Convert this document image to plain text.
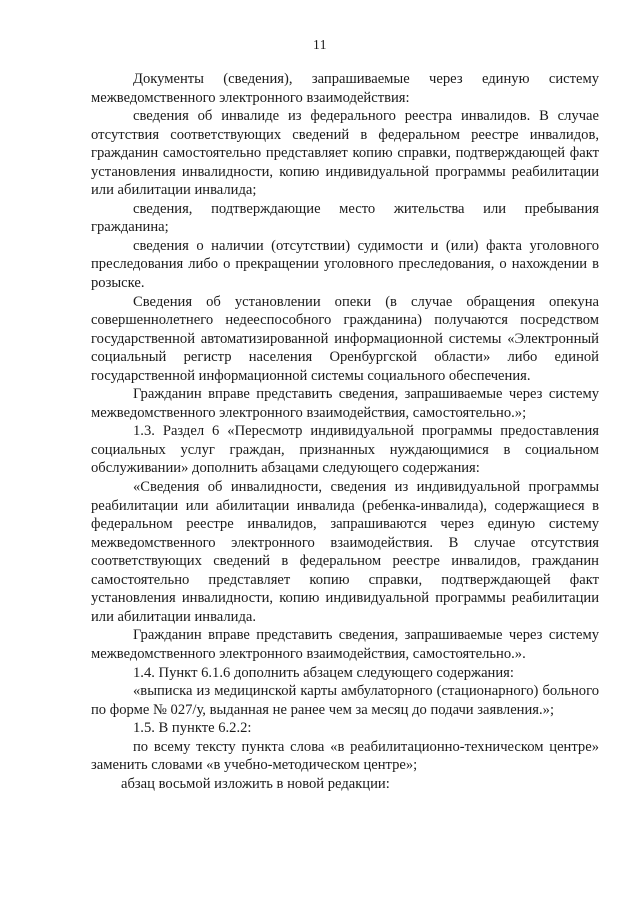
11

Документы (сведения), запрашиваемые через единую систему межведомственного электронного взаимодействия:

сведения об инвалиде из федерального реестра инвалидов. В случае отсутствия соответствующих сведений в федеральном реестре инвалидов, гражданин самостоятельно представляет копию справки, подтверждающей факт установления инвалидности, копию индивидуальной программы реабилитации или абилитации инвалида;

сведения, подтверждающие место жительства или пребывания гражданина;

сведения о наличии (отсутствии) судимости и (или) факта уголовного преследования либо о прекращении уголовного преследования, о нахождении в розыске.

Сведения об установлении опеки (в случае обращения опекуна совершеннолетнего недееспособного гражданина) получаются посредством государственной автоматизированной информационной системы «Электронный социальный регистр населения Оренбургской области» либо единой государственной информационной системы социального обеспечения.

Гражданин вправе представить сведения, запрашиваемые через систему межведомственного электронного взаимодействия, самостоятельно.»;

1.3. Раздел 6 «Пересмотр индивидуальной программы предоставления социальных услуг граждан, признанных нуждающимися в социальном обслуживании» дополнить абзацами следующего содержания:

«Сведения об инвалидности, сведения из индивидуальной программы реабилитации или абилитации инвалида (ребенка-инвалида), содержащиеся в федеральном реестре инвалидов, запрашиваются через единую систему межведомственного электронного взаимодействия. В случае отсутствия соответствующих сведений в федеральном реестре инвалидов, гражданин самостоятельно представляет копию справки, подтверждающей факт установления инвалидности, копию индивидуальной программы реабилитации или абилитации инвалида.

Гражданин вправе представить сведения, запрашиваемые через систему межведомственного электронного взаимодействия, самостоятельно.».

1.4. Пункт 6.1.6 дополнить абзацем следующего содержания:

«выписка из медицинской карты амбулаторного (стационарного) больного по форме № 027/у, выданная не ранее чем за месяц до подачи заявления.»;

1.5. В пункте 6.2.2:

по всему тексту пункта слова «в реабилитационно-техническом центре» заменить словами «в учебно-методическом центре»;

абзац восьмой изложить в новой редакции:
